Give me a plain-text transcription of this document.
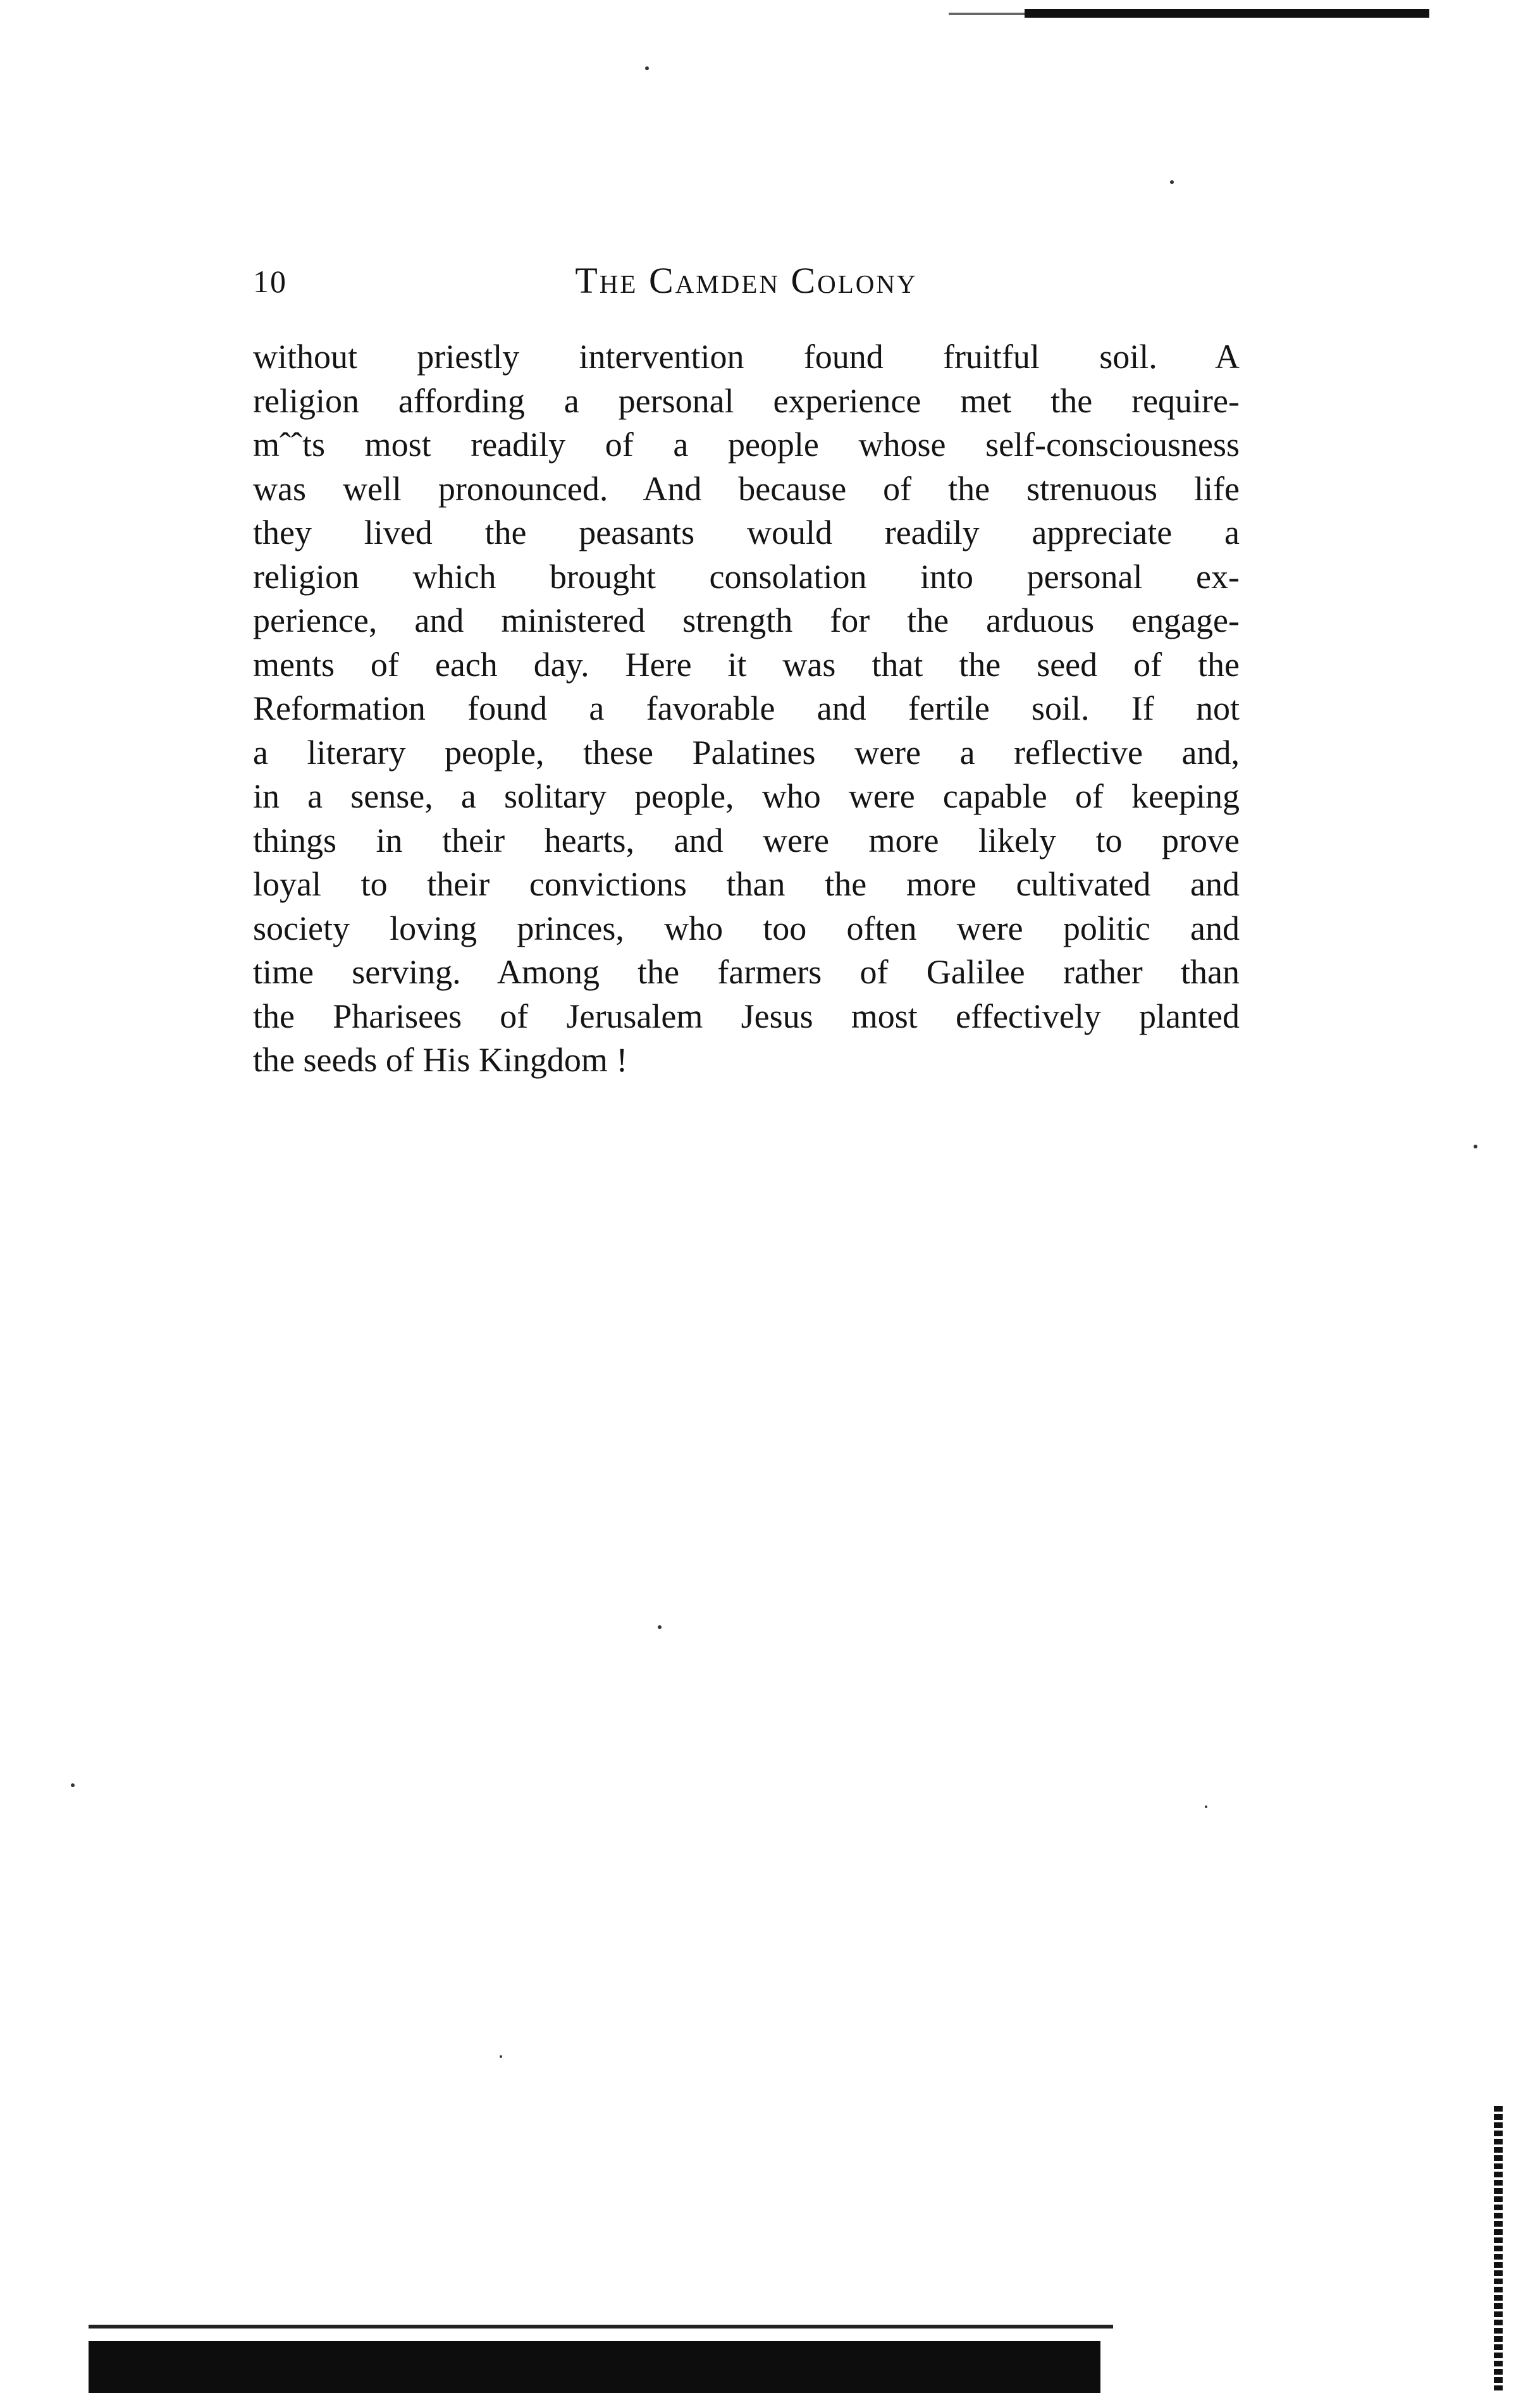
10	The Camden Colony
without priestly intervention found fruitful soil. A
religion affording a personal experience met the require-
mˆˆts most readily of a people whose self-consciousness
was well pronounced. And because of the strenuous life
they lived the peasants would readily appreciate a
religion which brought consolation into personal ex-
perience, and ministered strength for the arduous engage-
ments of each day. Here it was that the seed of the
Reformation found a favorable and fertile soil. If not
a literary people, these Palatines were a reflective and,
in a sense, a solitary people, who were capable of keeping
things in their hearts, and were more likely to prove
loyal to their convictions than the more cultivated and
society loving princes, who too often were politic and
time serving. Among the farmers of Galilee rather than
the Pharisees of Jerusalem Jesus most effectively planted
the seeds of His Kingdom !
